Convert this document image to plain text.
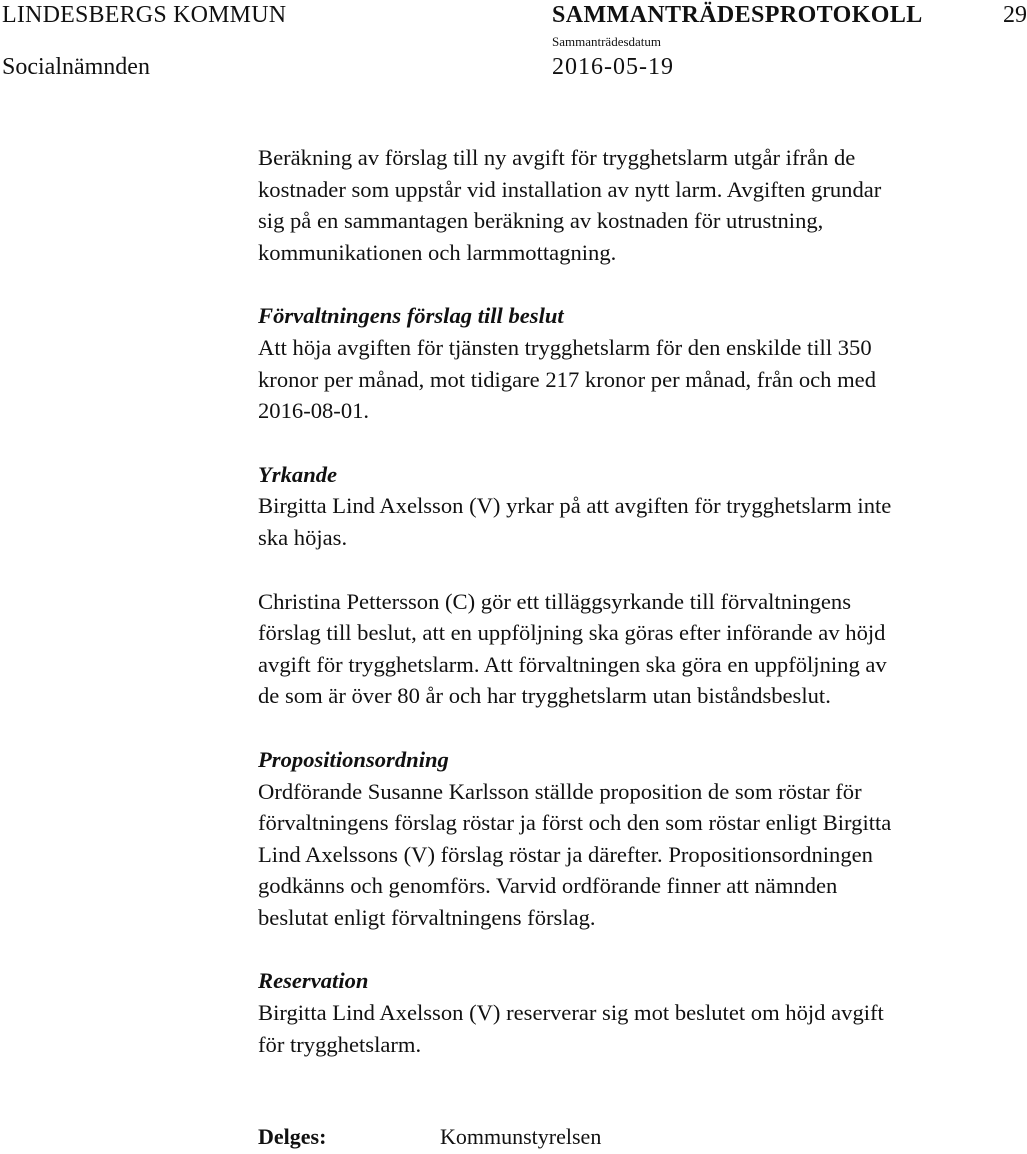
LINDESBERGS KOMMUN
Socialnämnden
SAMMANTRÄDESPROTOKOLL	29
Sammanträdesdatum
2016-05-19

Beräkning av förslag till ny avgift för trygghetslarm utgår ifrån de
kostnader som uppstår vid installation av nytt larm. Avgiften grundar
sig på en sammantagen beräkning av kostnaden för utrustning,
kommunikationen och larmmottagning.

Förvaltningens förslag till beslut

Att höja avgiften för tjänsten trygghetslarm för den enskilde till 350
kronor per månad, mot tidigare 217 kronor per månad, från och med
2016-08-01.

Yrkande

Birgitta Lind Axelsson (V) yrkar på att avgiften för trygghetslarm inte
ska höjas.

Christina Pettersson (C) gör ett tilläggsyrkande till förvaltningens
förslag till beslut, att en uppföljning ska göras efter införande av höjd
avgift för trygghetslarm. Att förvaltningen ska göra en uppföljning av
de som är över 80 år och har trygghetslarm utan biståndsbeslut.

Propositionsordning

Ordförande Susanne Karlsson ställde proposition de som röstar för
förvaltningens förslag röstar ja först och den som röstar enligt Birgitta
Lind Axelssons (V) förslag röstar ja därefter. Propositionsordningen
godkänns och genomförs. Varvid ordförande finner att nämnden
beslutat enligt förvaltningens förslag.

Reservation

Birgitta Lind Axelsson (V) reserverar sig mot beslutet om höjd avgift
för trygghetslarm.

Delges:	Kommunstyrelsen
